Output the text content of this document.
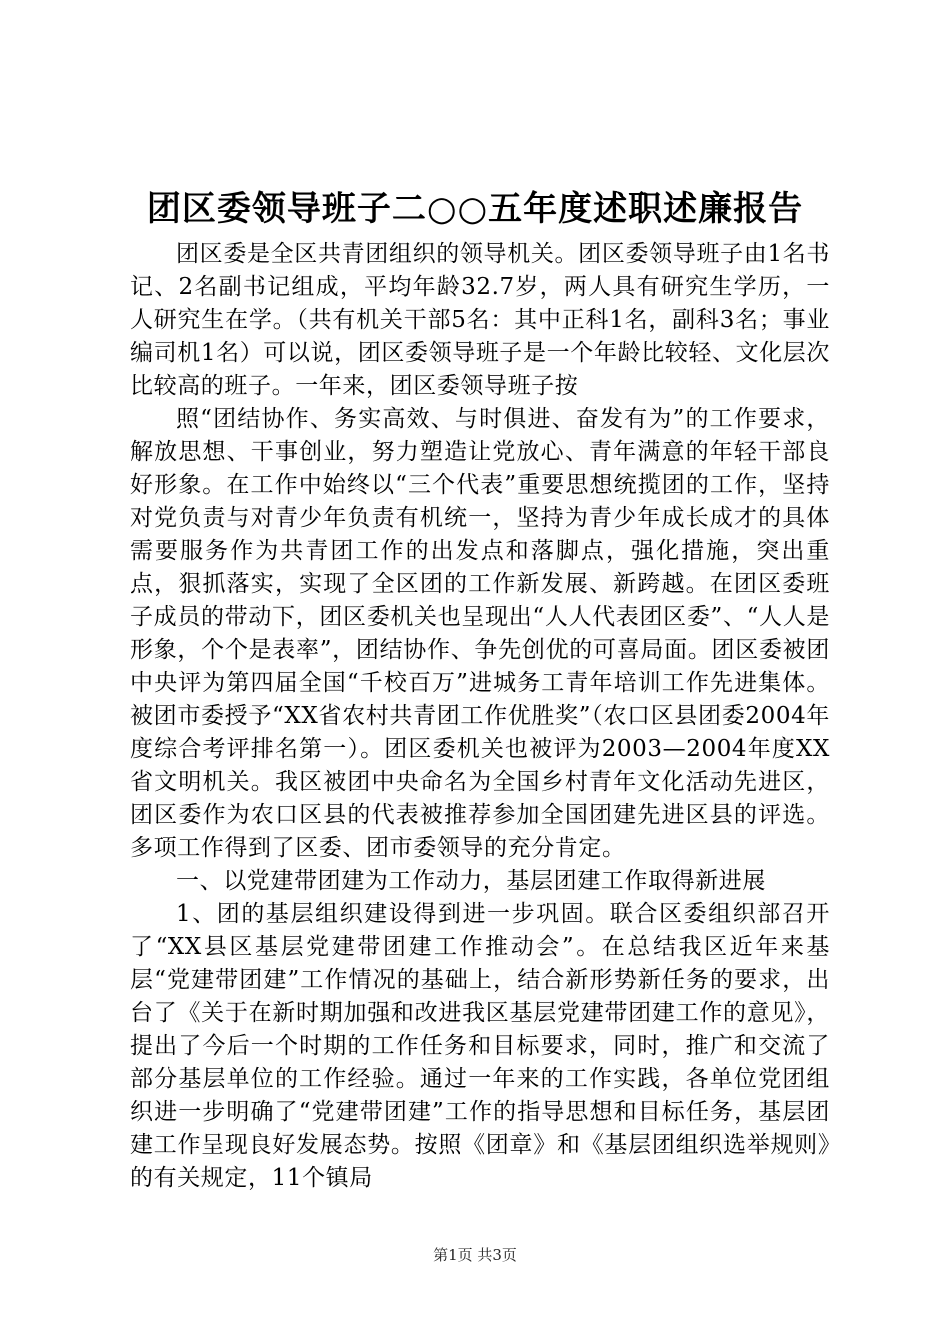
团区委领导班子二○○五年度述职述廉报告

团区委是全区共青团组织的领导机关。团区委领导班子由1名书记、2名副书记组成，平均年龄32.7岁，两人具有研究生学历，一人研究生在学。（共有机关干部5名：其中正科1名，副科3名；事业编司机1名）可以说，团区委领导班子是一个年龄比较轻、文化层次比较高的班子。一年来，团区委领导班子按

照“团结协作、务实高效、与时俱进、奋发有为”的工作要求，解放思想、干事创业，努力塑造让党放心、青年满意的年轻干部良好形象。在工作中始终以“三个代表”重要思想统揽团的工作，坚持对党负责与对青少年负责有机统一，坚持为青少年成长成才的具体需要服务作为共青团工作的出发点和落脚点，强化措施，突出重点，狠抓落实，实现了全区团的工作新发展、新跨越。在团区委班子成员的带动下，团区委机关也呈现出“人人代表团区委”、“人人是形象，个个是表率”，团结协作、争先创优的可喜局面。团区委被团中央评为第四届全国“千校百万”进城务工青年培训工作先进集体。被团市委授予“XX省农村共青团工作优胜奖”（农口区县团委2004年度综合考评排名第一）。团区委机关也被评为2003—2004年度XX省文明机关。我区被团中央命名为全国乡村青年文化活动先进区，团区委作为农口区县的代表被推荐参加全国团建先进区县的评选。多项工作得到了区委、团市委领导的充分肯定。

一、以党建带团建为工作动力，基层团建工作取得新进展

1、团的基层组织建设得到进一步巩固。联合区委组织部召开了“XX县区基层党建带团建工作推动会”。在总结我区近年来基层“党建带团建”工作情况的基础上，结合新形势新任务的要求，出台了《关于在新时期加强和改进我区基层党建带团建工作的意见》，提出了今后一个时期的工作任务和目标要求，同时，推广和交流了部分基层单位的工作经验。通过一年来的工作实践，各单位党团组织进一步明确了“党建带团建”工作的指导思想和目标任务，基层团建工作呈现良好发展态势。按照《团章》和《基层团组织选举规则》的有关规定，11个镇局

第1页 共3页
